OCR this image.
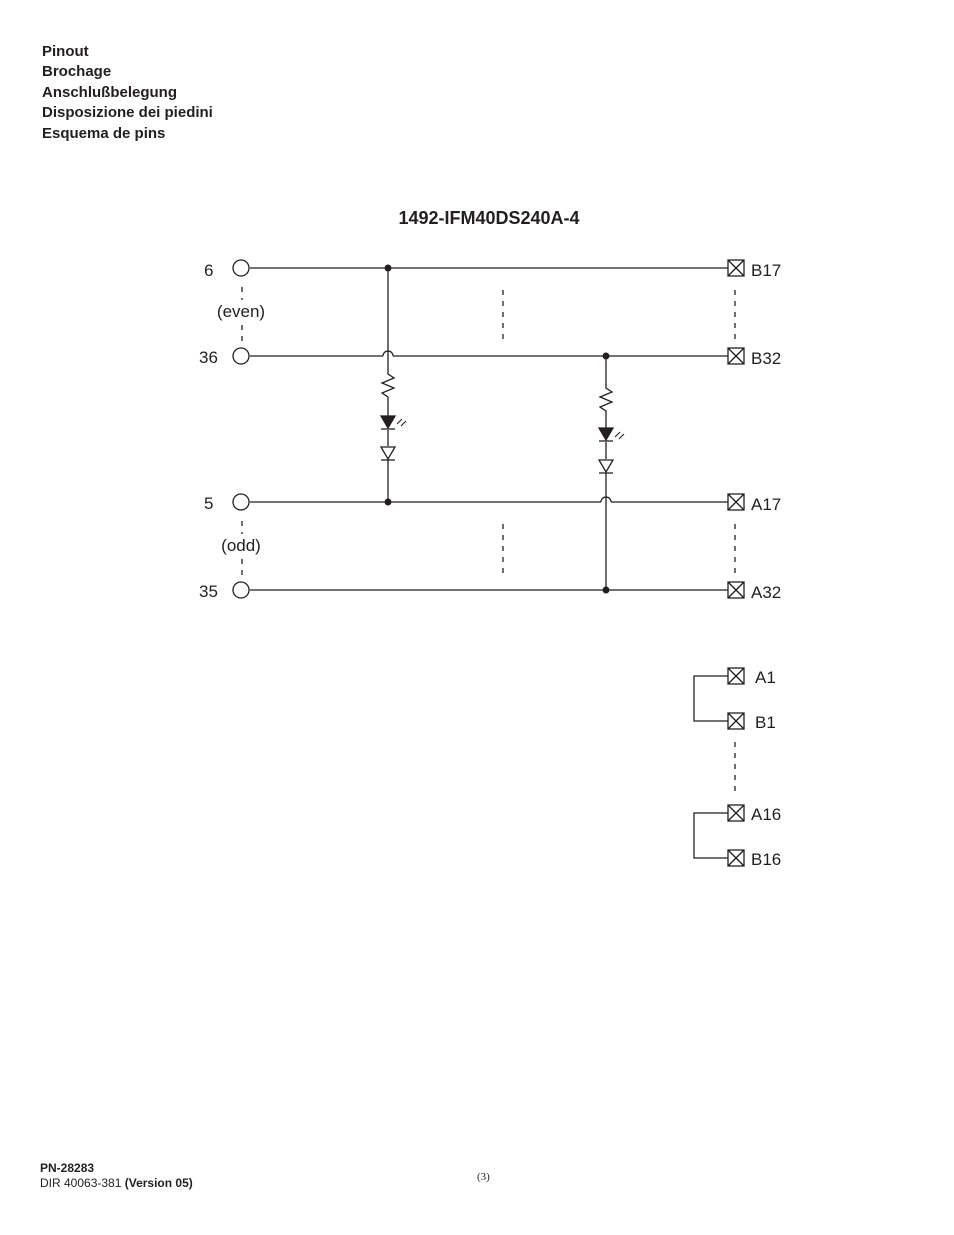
Pinout
Brochage
Anschlußbelegung
Disposizione dei piedini
Esquema de pins
1492-IFM40DS240A-4
6
(even)
36
5
(odd)
35
B17
B32
A17
A32
A1
B1
A16
B16
PN-28283
DIR 40063-381 (Version 05)	(3)
